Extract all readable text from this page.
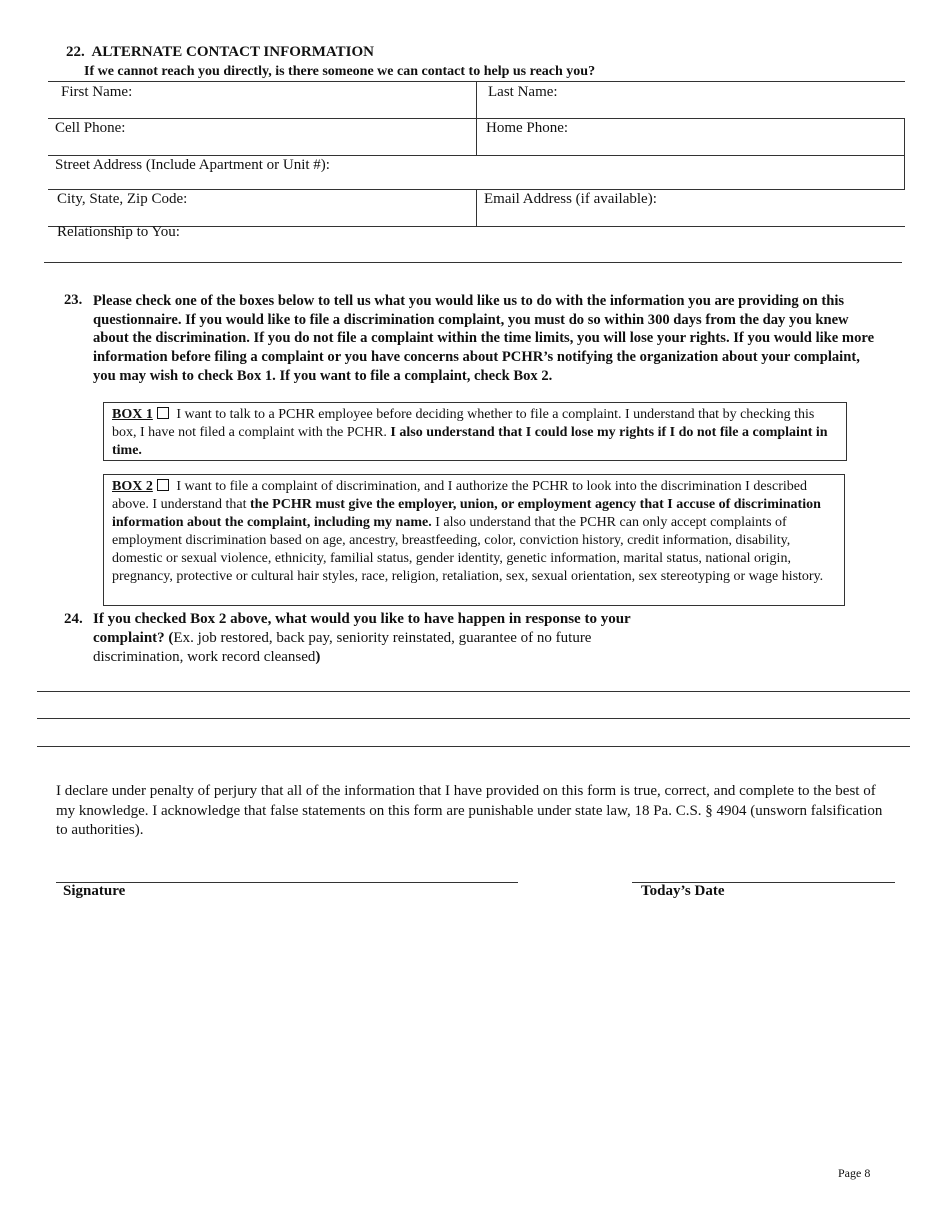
22. ALTERNATE CONTACT INFORMATION
If we cannot reach you directly, is there someone we can contact to help us reach you?
First Name:	Last Name:
Cell Phone:	Home Phone:
Street Address (Include Apartment or Unit #):
City, State, Zip Code:	Email Address (if available):
Relationship to You:
23. Please check one of the boxes below to tell us what you would like us to do with the information you are providing on this questionnaire. If you would like to file a discrimination complaint, you must do so within 300 days from the day you knew about the discrimination. If you do not file a complaint within the time limits, you will lose your rights. If you would like more information before filing a complaint or you have concerns about PCHR’s notifying the organization about your complaint, you may wish to check Box 1. If you want to file a complaint, check Box 2.
BOX 1 I want to talk to a PCHR employee before deciding whether to file a complaint. I understand that by checking this box, I have not filed a complaint with the PCHR. I also understand that I could lose my rights if I do not file a complaint in time.
BOX 2 I want to file a complaint of discrimination, and I authorize the PCHR to look into the discrimination I described above. I understand that the PCHR must give the employer, union, or employment agency that I accuse of discrimination information about the complaint, including my name. I also understand that the PCHR can only accept complaints of employment discrimination based on age, ancestry, breastfeeding, color, conviction history, credit information, disability, domestic or sexual violence, ethnicity, familial status, gender identity, genetic information, marital status, national origin, pregnancy, protective or cultural hair styles, race, religion, retaliation, sex, sexual orientation, sex stereotyping or wage history.
24. If you checked Box 2 above, what would you like to have happen in response to your complaint? (Ex. job restored, back pay, seniority reinstated, guarantee of no future discrimination, work record cleansed)
I declare under penalty of perjury that all of the information that I have provided on this form is true, correct, and complete to the best of my knowledge. I acknowledge that false statements on this form are punishable under state law, 18 Pa. C.S. § 4904 (unsworn falsification to authorities).
Signature	Today’s Date
Page 8
